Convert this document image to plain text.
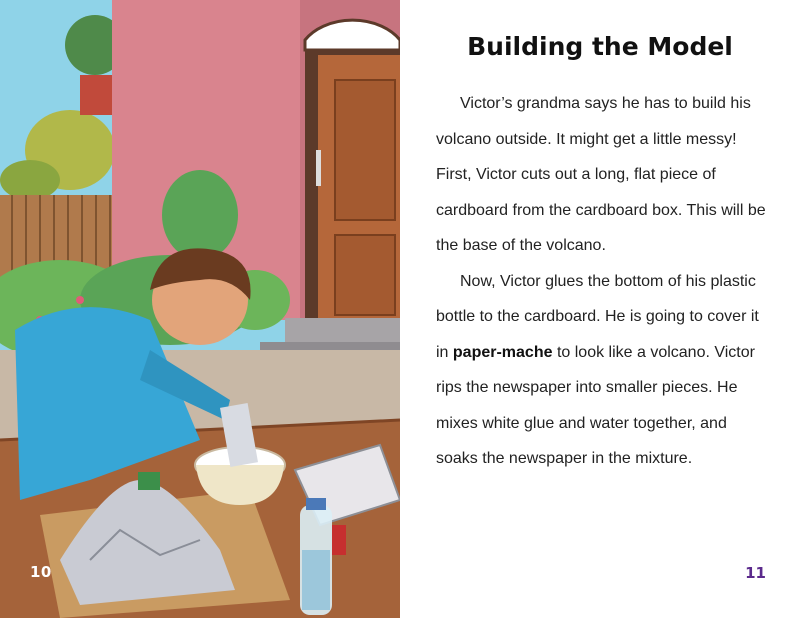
10
Building the Model

Victor’s grandma says he has to build his volcano outside. It might get a little messy! First, Victor cuts out a long, flat piece of cardboard from the cardboard box. This will be the base of the volcano.

Now, Victor glues the bottom of his plastic bottle to the cardboard. He is going to cover it in paper-mache to look like a volcano. Victor rips the newspaper into smaller pieces. He mixes white glue and water together, and soaks the newspaper in the mixture.

11
